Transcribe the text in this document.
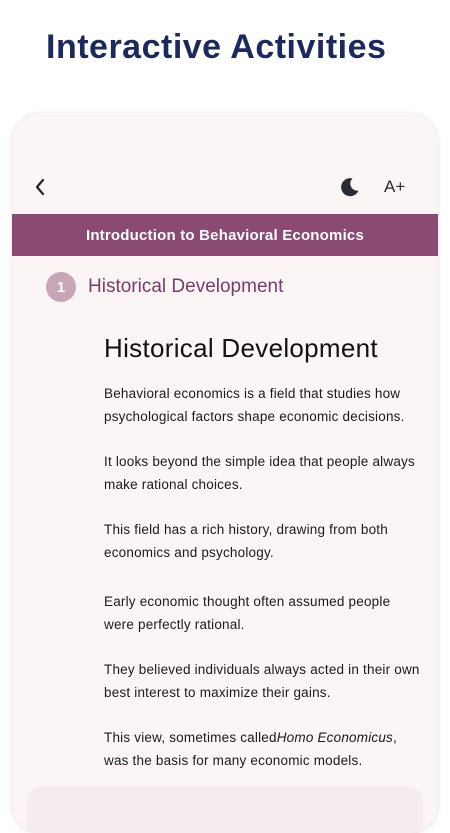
Interactive Activities
A+
Introduction to Behavioral Economics
1	Historical Development
Historical Development

Behavioral economics is a field that studies how psychological factors shape economic decisions.

It looks beyond the simple idea that people always make rational choices.

This field has a rich history, drawing from both economics and psychology.

Early economic thought often assumed people were perfectly rational.

They believed individuals always acted in their own best interest to maximize their gains.

This view, sometimes calledHomo Economicus, was the basis for many economic models.
